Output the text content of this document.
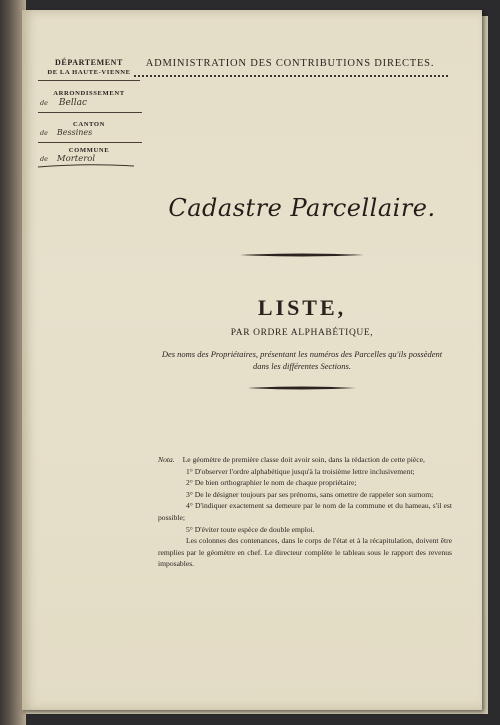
DÉPARTEMENT
DE LA HAUTE-VIENNE
ADMINISTRATION DES CONTRIBUTIONS DIRECTES.
ARRONDISSEMENT
de Bellac
CANTON
de Bessines
COMMUNE
de Morterol
Cadastre Parcellaire.
LISTE,
PAR ORDRE ALPHABÉTIQUE,
Des noms des Propriétaires, présentant les numéros des Parcelles qu'ils possèdent
dans les différentes Sections.

Nota. Le géomètre de première classe doit avoir soin, dans la rédaction de cette pièce,

1° D'observer l'ordre alphabétique jusqu'à la troisième lettre inclusivement;

2° De bien orthographier le nom de chaque propriétaire;

3° De le désigner toujours par ses prénoms, sans omettre de rappeler son surnom;

4° D'indiquer exactement sa demeure par le nom de la commune et du hameau, s'il est possible;

5° D'éviter toute espèce de double emploi.

Les colonnes des contenances, dans le corps de l'état et à la récapitulation, doivent être remplies par le géomètre en chef. Le directeur complète le tableau sous le rapport des revenus imposables.
